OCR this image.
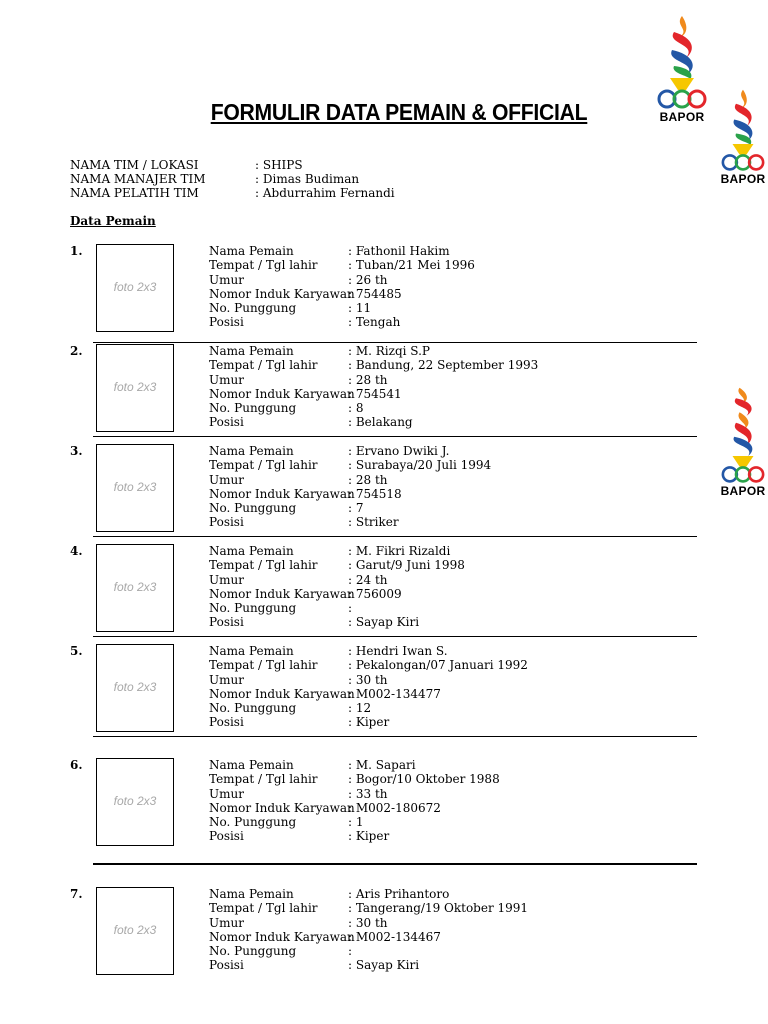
FORMULIR DATA PEMAIN & OFFICIAL
NAMA TIM / LOKASI	: SHIPS
NAMA MANAJER TIM	: Dimas Budiman
NAMA PELATIH TIM	: Abdurrahim Fernandi
Data Pemain
1.
foto 2x3
Nama Pemain	: Fathonil Hakim
Tempat / Tgl lahir	: Tuban/21 Mei 1996
Umur	: 26 th
Nomor Induk Karyawan: 754485
No. Punggung	: 11
Posisi	: Tengah
2.
foto 2x3
Nama Pemain	: M. Rizqi S.P
Tempat / Tgl lahir	: Bandung, 22 September 1993
Umur	: 28 th
Nomor Induk Karyawan: 754541
No. Punggung	: 8
Posisi	: Belakang
3.
foto 2x3
Nama Pemain	: Ervano Dwiki J.
Tempat / Tgl lahir	: Surabaya/20 Juli 1994
Umur	: 28 th
Nomor Induk Karyawan: 754518
No. Punggung	: 7
Posisi	: Striker
4.
foto 2x3
Nama Pemain	: M. Fikri Rizaldi
Tempat / Tgl lahir	: Garut/9 Juni 1998
Umur	: 24 th
Nomor Induk Karyawan: 756009
No. Punggung	:
Posisi	: Sayap Kiri
5.
foto 2x3
Nama Pemain	: Hendri Iwan S.
Tempat / Tgl lahir	: Pekalongan/07 Januari 1992
Umur	: 30 th
Nomor Induk Karyawan: M002-134477
No. Punggung	: 12
Posisi	: Kiper
6.
foto 2x3
Nama Pemain	: M. Sapari
Tempat / Tgl lahir	: Bogor/10 Oktober 1988
Umur	: 33 th
Nomor Induk Karyawan: M002-180672
No. Punggung	: 1
Posisi	: Kiper
7.
foto 2x3
Nama Pemain	: Aris Prihantoro
Tempat / Tgl lahir	: Tangerang/19 Oktober 1991
Umur	: 30 th
Nomor Induk Karyawan: M002-134467
No. Punggung	:
Posisi	: Sayap Kiri
BAPOR
BAPOR
BAPOR
